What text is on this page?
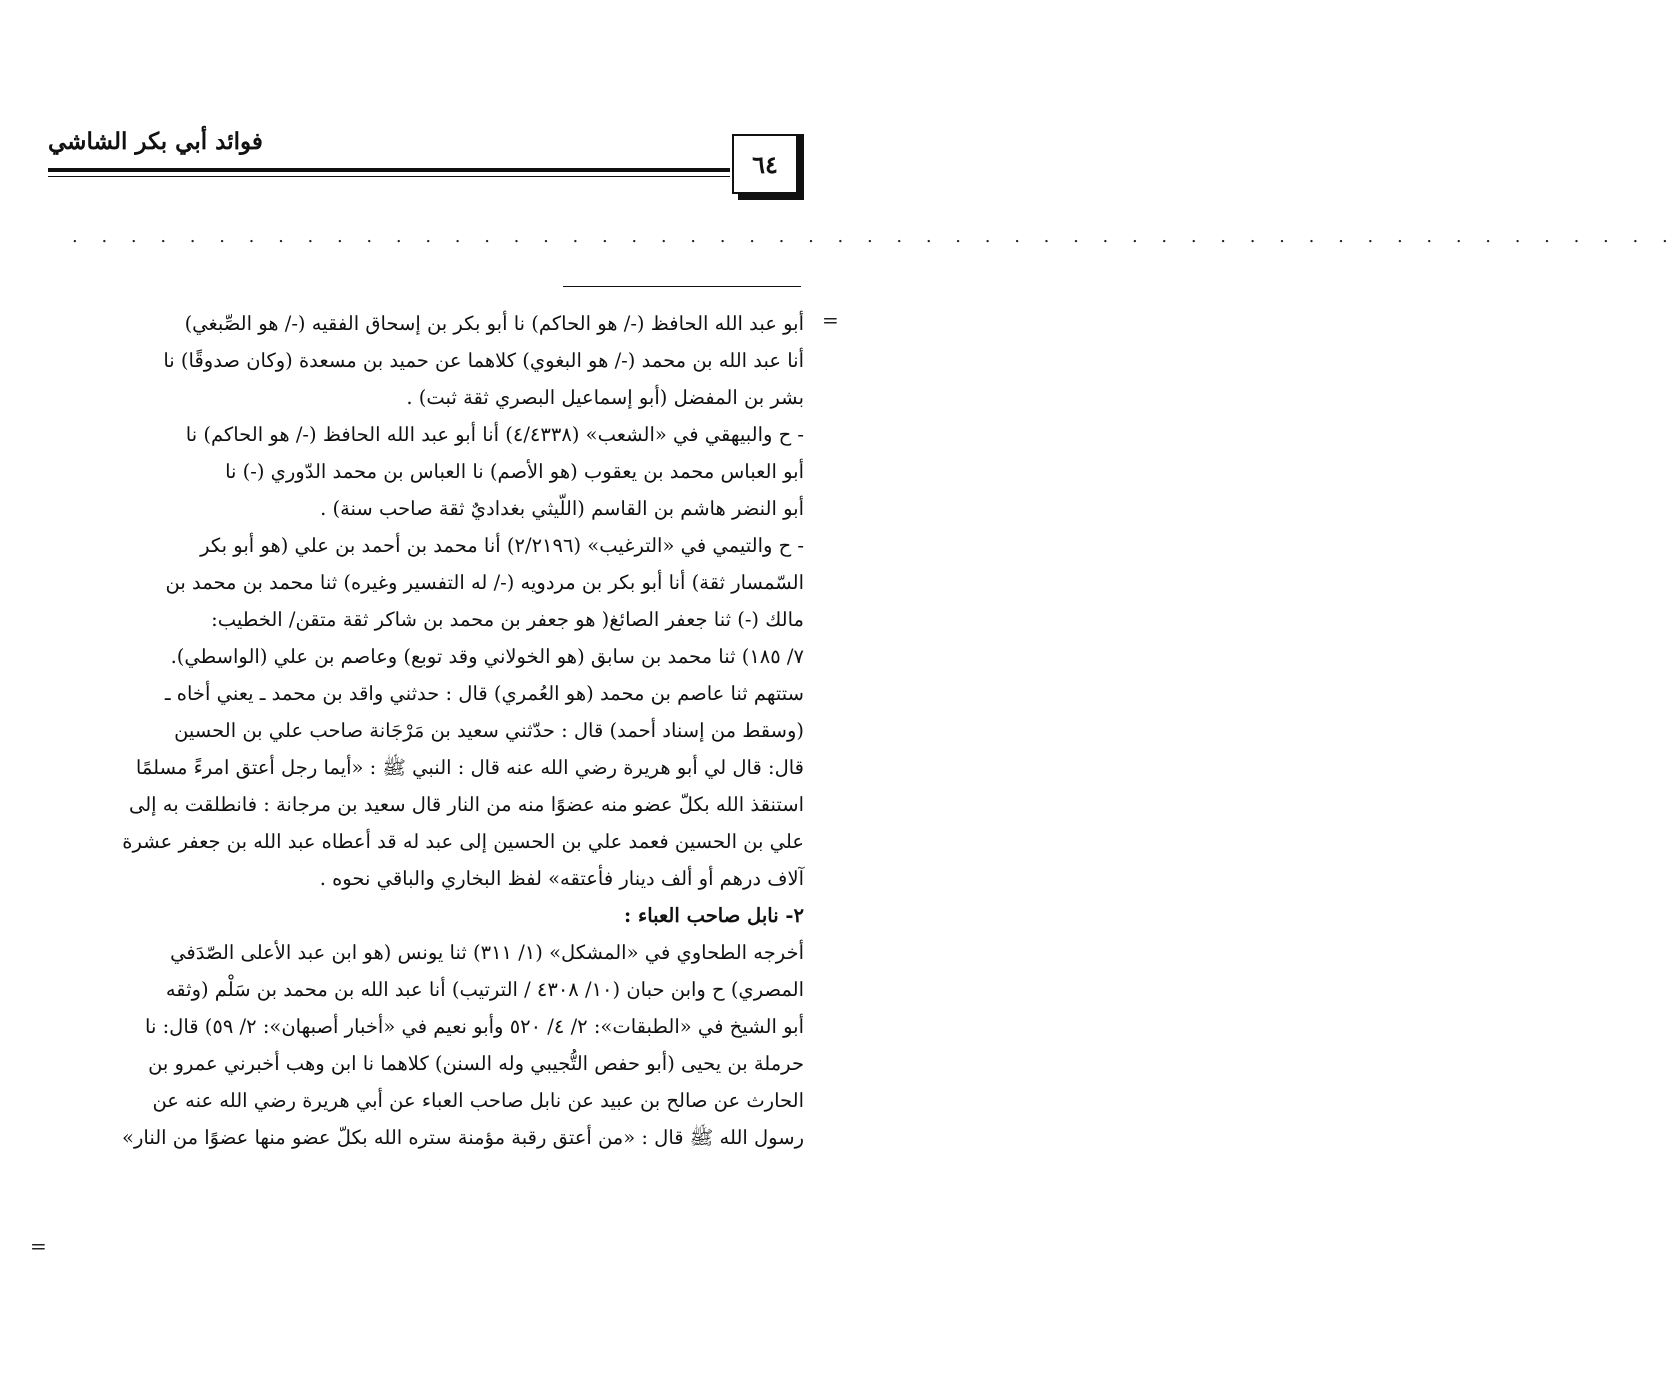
فوائد أبي بكر الشاشي
٦٤
. . . . . . . . . . . . . . . . . . . . . . . . . . . . . . . . . . . . . . . . . . . . . . . . . . . . . . .
=
=
أبو عبد الله الحافظ (-/ هو الحاكم) نا أبو بكر بن إسحاق الفقيه (-/ هو الصِّبغي)
أنا عبد الله بن محمد (-/ هو البغوي) كلاهما عن حميد بن مسعدة (وكان صدوقًا) نا
بشر بن المفضل (أبو إسماعيل البصري ثقة ثبت) .
- ح والبيهقي في «الشعب» (٤/٤٣٣٨) أنا أبو عبد الله الحافظ (-/ هو الحاكم) نا
أبو العباس محمد بن يعقوب (هو الأصم) نا العباس بن محمد الدّوري (-) نا
أبو النضر هاشم بن القاسم (اللّيثي بغداديٌ ثقة صاحب سنة) .
- ح والتيمي في «الترغيب» (٢/٢١٩٦) أنا محمد بن أحمد بن علي (هو أبو بكر
السّمسار ثقة) أنا أبو بكر بن مردويه (-/ له التفسير وغيره) ثنا محمد بن محمد بن
مالك (-) ثنا جعفر الصائغ( هو جعفر بن محمد بن شاكر ثقة متقن/ الخطيب:
٧/ ١٨٥) ثنا محمد بن سابق (هو الخولاني وقد توبع) وعاصم بن علي (الواسطي).
ستتهم ثنا عاصم بن محمد (هو العُمري) قال : حدثني واقد بن محمد ـ يعني أخاه ـ
(وسقط من إسناد أحمد) قال : حدّثني سعيد بن مَرْجَانة صاحب علي بن الحسين
قال: قال لي أبو هريرة رضي الله عنه قال : النبي ﷺ : «أيما رجل أعتق امرءً مسلمًا
استنقذ الله بكلّ عضو منه عضوًا منه من النار قال سعيد بن مرجانة : فانطلقت به إلى
علي بن الحسين فعمد علي بن الحسين إلى عبد له قد أعطاه عبد الله بن جعفر عشرة
آلاف درهم أو ألف دينار فأعتقه» لفظ البخاري والباقي نحوه .
٢- نابل صاحب العباء :
أخرجه الطحاوي في «المشكل» (١/ ٣١١) ثنا يونس (هو ابن عبد الأعلى الصّدَفي
المصري) ح وابن حبان (١٠/ ٤٣٠٨ / الترتيب) أنا عبد الله بن محمد بن سَلْم (وثقه
أبو الشيخ في «الطبقات»: ٢/ ٤/ ٥٢٠ وأبو نعيم في «أخبار أصبهان»: ٢/ ٥٩) قال: نا
حرملة بن يحيى (أبو حفص التُّجيبي وله السنن) كلاهما نا ابن وهب أخبرني عمرو بن
الحارث عن صالح بن عبيد عن نابل صاحب العباء عن أبي هريرة رضي الله عنه عن
رسول الله ﷺ قال : «من أعتق رقبة مؤمنة ستره الله بكلّ عضو منها عضوًا من النار»
